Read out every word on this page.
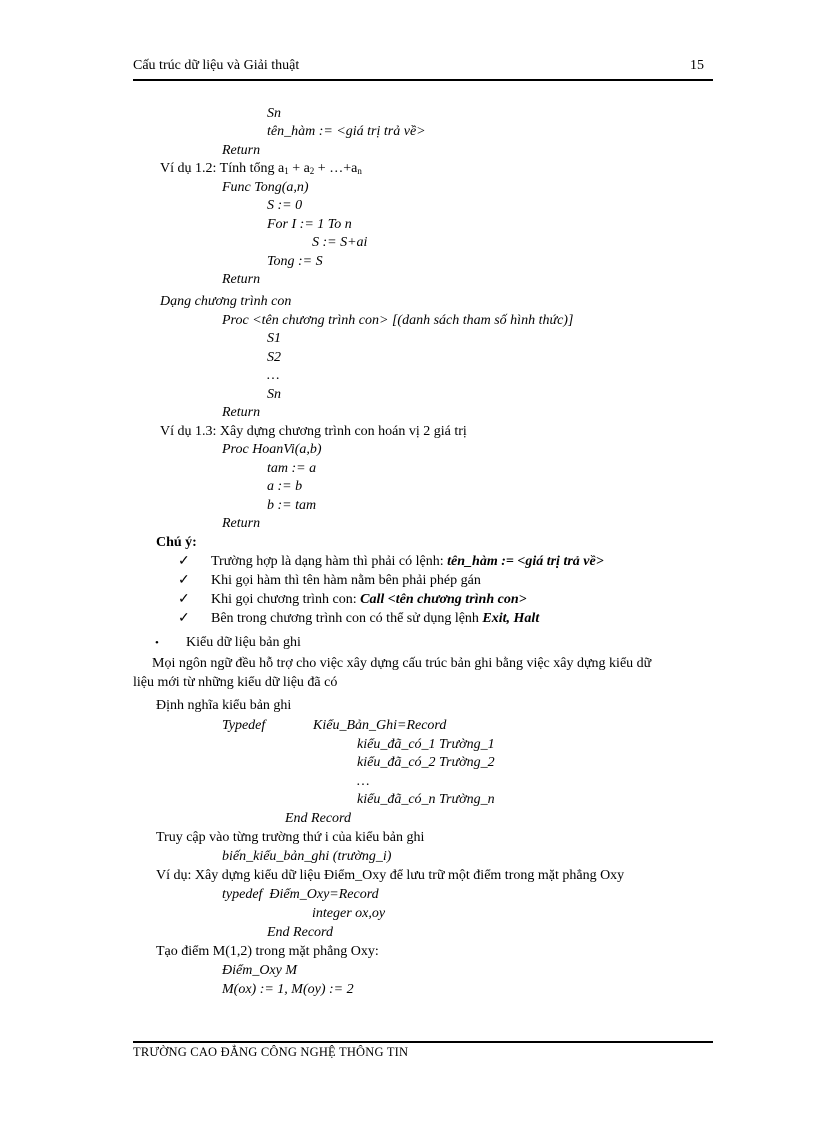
Cấu trúc dữ liệu và Giải thuật	15
Sn
tên_hàm := <giá trị trả về>
Return
Ví dụ 1.2: Tính tổng $a_1 + a_2$ + $\dots+a_n$
Func Tong(a,n)
S := 0
For I := 1 To n
S := S+ai
Tong := S
Return
Dạng chương trình con
Proc <tên chương trình con> [(danh sách tham số hình thức)]
S1
S2
…
Sn
Return
Ví dụ 1.3: Xây dựng chương trình con hoán vị 2 giá trị
Proc HoanVi(a,b)
tam := a
a := b
b := tam
Return
Chú ý:
✓ Trường hợp là dạng hàm thì phải có lệnh: tên_hàm := <giá trị trả về>
✓ Khi gọi hàm thì tên hàm nằm bên phải phép gán
✓ Khi gọi chương trình con: Call <tên chương trình con>
✓ Bên trong chương trình con có thể sử dụng lệnh Exit, Halt
• Kiểu dữ liệu bản ghi
Mọi ngôn ngữ đều hỗ trợ cho việc xây dựng cấu trúc bản ghi bằng việc xây dựng kiểu dữ
liệu mới từ những kiểu dữ liệu đã có
Định nghĩa kiểu bản ghi
Typedef	Kiểu_Bản_Ghi=Record
kiểu_đã_có_1 Trường_1
kiểu_đã_có_2 Trường_2
…
kiểu_đã_có_n Trường_n
End Record
Truy cập vào từng trường thứ i của kiểu bản ghi
biến_kiểu_bản_ghi (trường_i)
Ví dụ: Xây dựng kiểu dữ liệu Điểm_Oxy để lưu trữ một điểm trong mặt phẳng Oxy
typedef  Điểm_Oxy=Record
integer ox,oy
End Record
Tạo điểm M(1,2) trong mặt phẳng Oxy:
Điểm_Oxy M
M(ox) := 1, M(oy) := 2
TRƯỜNG CAO ĐẲNG CÔNG NGHỆ THÔNG TIN
